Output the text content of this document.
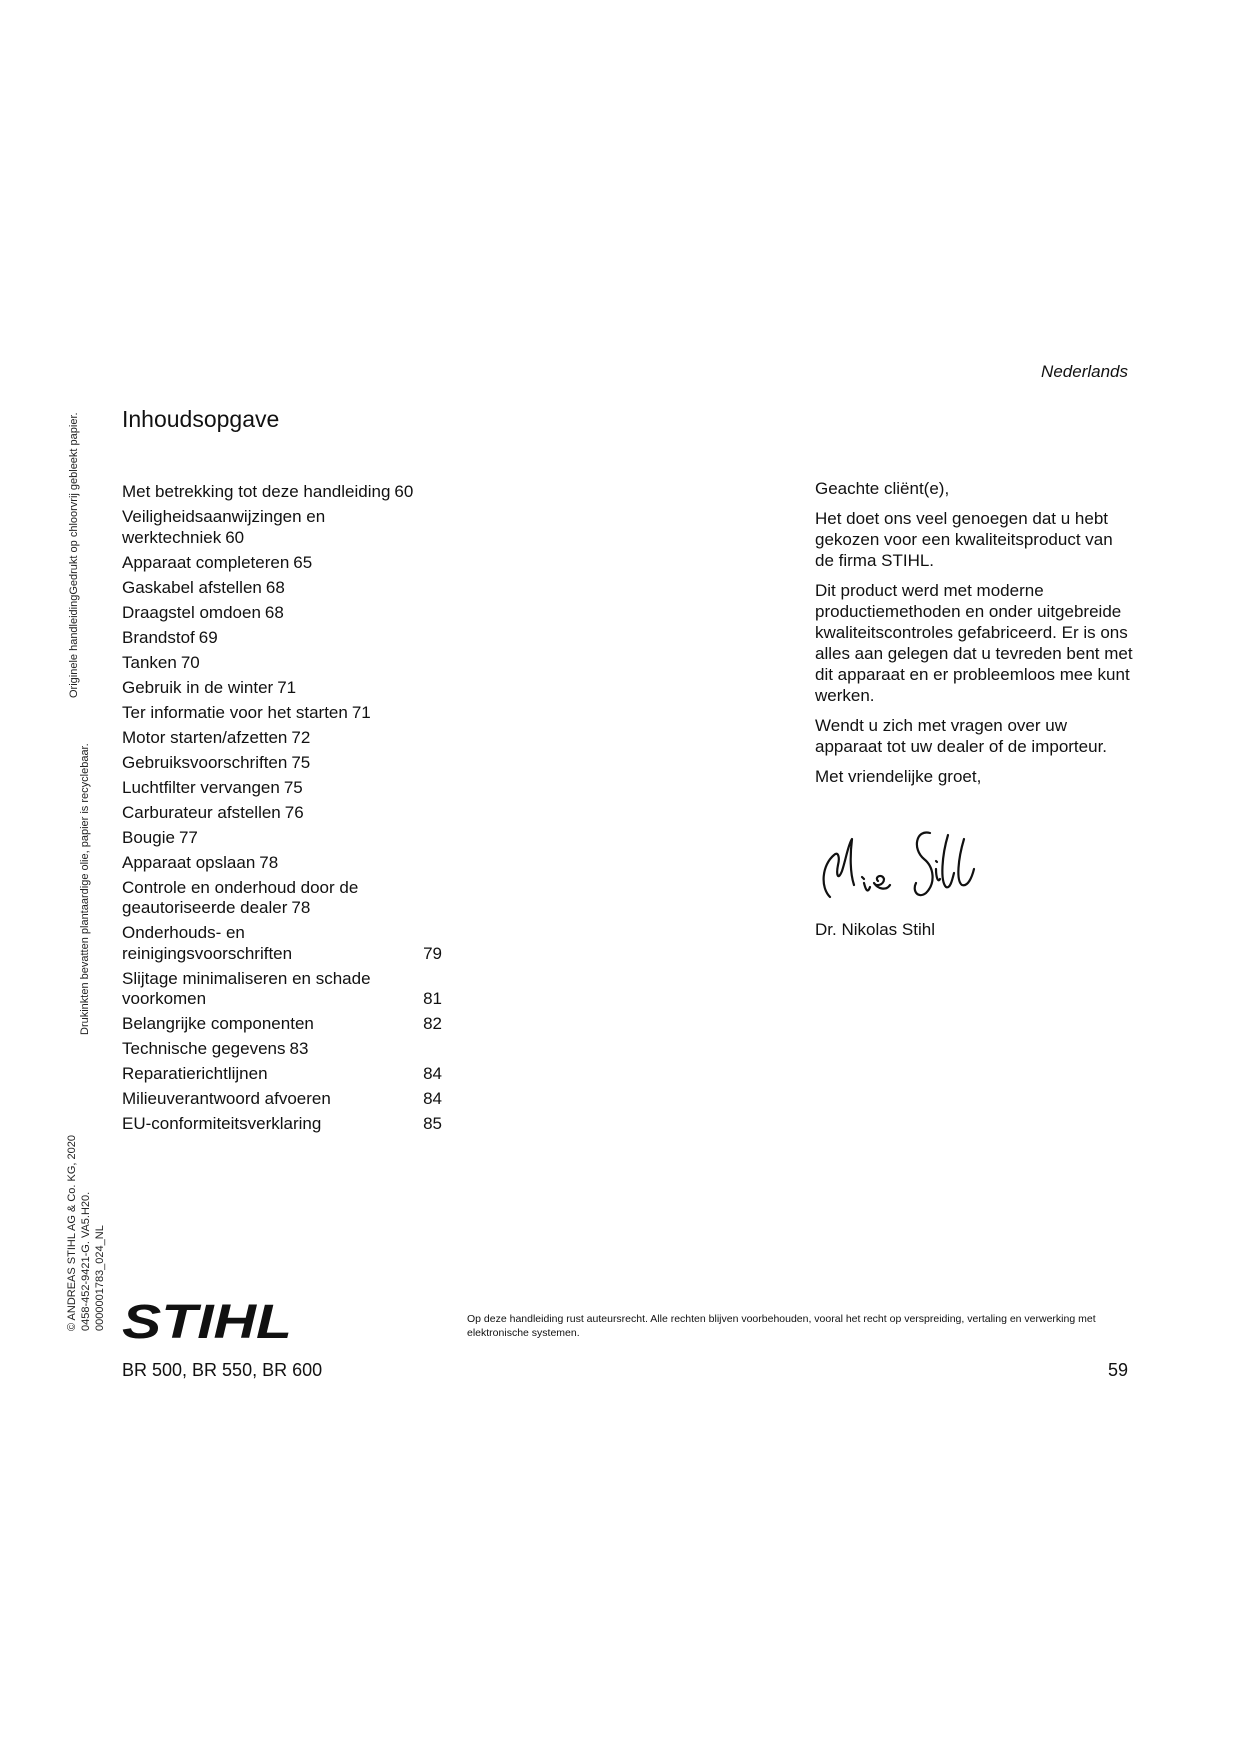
Nederlands
Originele handleidingGedrukt op chloorvrij gebleekt papier.
Drukinkten bevatten plantaardige olie, papier is recyclebaar.
© ANDREAS STIHL AG & Co. KG, 2020 0458-452-9421-G. VA5.H20. 0000001783_024_NL
Inhoudsopgave
Met betrekking tot deze handleiding 60
Veiligheidsaanwijzingen en werktechniek 60
Apparaat completeren 65
Gaskabel afstellen 68
Draagstel omdoen 68
Brandstof 69
Tanken 70
Gebruik in de winter 71
Ter informatie voor het starten 71
Motor starten/afzetten 72
Gebruiksvoorschriften 75
Luchtfilter vervangen 75
Carburateur afstellen 76
Bougie 77
Apparaat opslaan 78
Controle en onderhoud door de geautoriseerde dealer 78
Onderhouds- en reinigingsvoorschriften	79
Slijtage minimaliseren en schade voorkomen	81
Belangrijke componenten	82
Technische gegevens 83
Reparatierichtlijnen	84
Milieuverantwoord afvoeren	84
EU-conformiteitsverklaring	85

Geachte cliënt(e),

Het doet ons veel genoegen dat u hebt gekozen voor een kwaliteitsproduct van de firma STIHL.

Dit product werd met moderne productiemethoden en onder uitgebreide kwaliteitscontroles gefabriceerd. Er is ons alles aan gelegen dat u tevreden bent met dit apparaat en er probleemloos mee kunt werken.

Wendt u zich met vragen over uw apparaat tot uw dealer of de importeur.

Met vriendelijke groet,

Dr. Nikolas Stihl
STIHL	Op deze handleiding rust auteursrecht. Alle rechten blijven voorbehouden, vooral het recht op verspreiding, vertaling en verwerking met elektronische systemen.
BR 500, BR 550, BR 600	59
